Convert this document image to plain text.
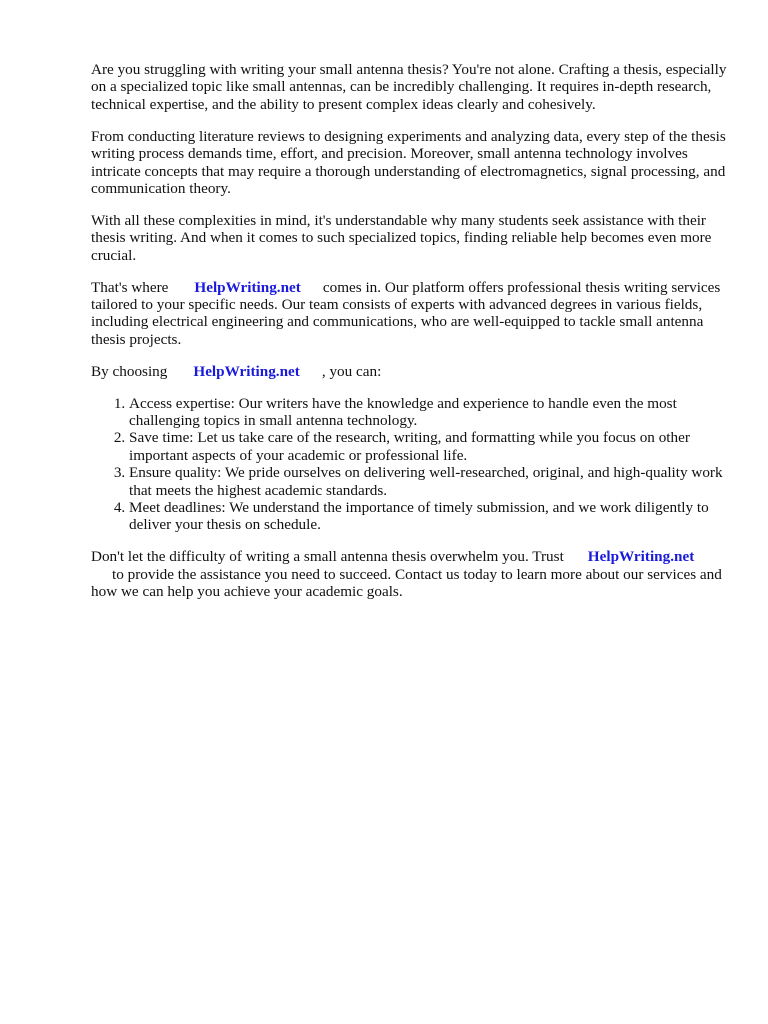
Are you struggling with writing your small antenna thesis? You're not alone. Crafting a thesis, especially on a specialized topic like small antennas, can be incredibly challenging. It requires in-depth research, technical expertise, and the ability to present complex ideas clearly and cohesively.

From conducting literature reviews to designing experiments and analyzing data, every step of the thesis writing process demands time, effort, and precision. Moreover, small antenna technology involves intricate concepts that may require a thorough understanding of electromagnetics, signal processing, and communication theory.

With all these complexities in mind, it's understandable why many students seek assistance with their thesis writing. And when it comes to such specialized topics, finding reliable help becomes even more crucial.

That's where HelpWriting.net comes in. Our platform offers professional thesis writing services tailored to your specific needs. Our team consists of experts with advanced degrees in various fields, including electrical engineering and communications, who are well-equipped to tackle small antenna thesis projects.

By choosing HelpWriting.net , you can:

1. Access expertise: Our writers have the knowledge and experience to handle even the most challenging topics in small antenna technology.
2. Save time: Let us take care of the research, writing, and formatting while you focus on other important aspects of your academic or professional life.
3. Ensure quality: We pride ourselves on delivering well-researched, original, and high-quality work that meets the highest academic standards.
4. Meet deadlines: We understand the importance of timely submission, and we work diligently to deliver your thesis on schedule.

Don't let the difficulty of writing a small antenna thesis overwhelm you. Trust HelpWriting.net
to provide the assistance you need to succeed. Contact us today to learn more about our services and how we can help you achieve your academic goals.
